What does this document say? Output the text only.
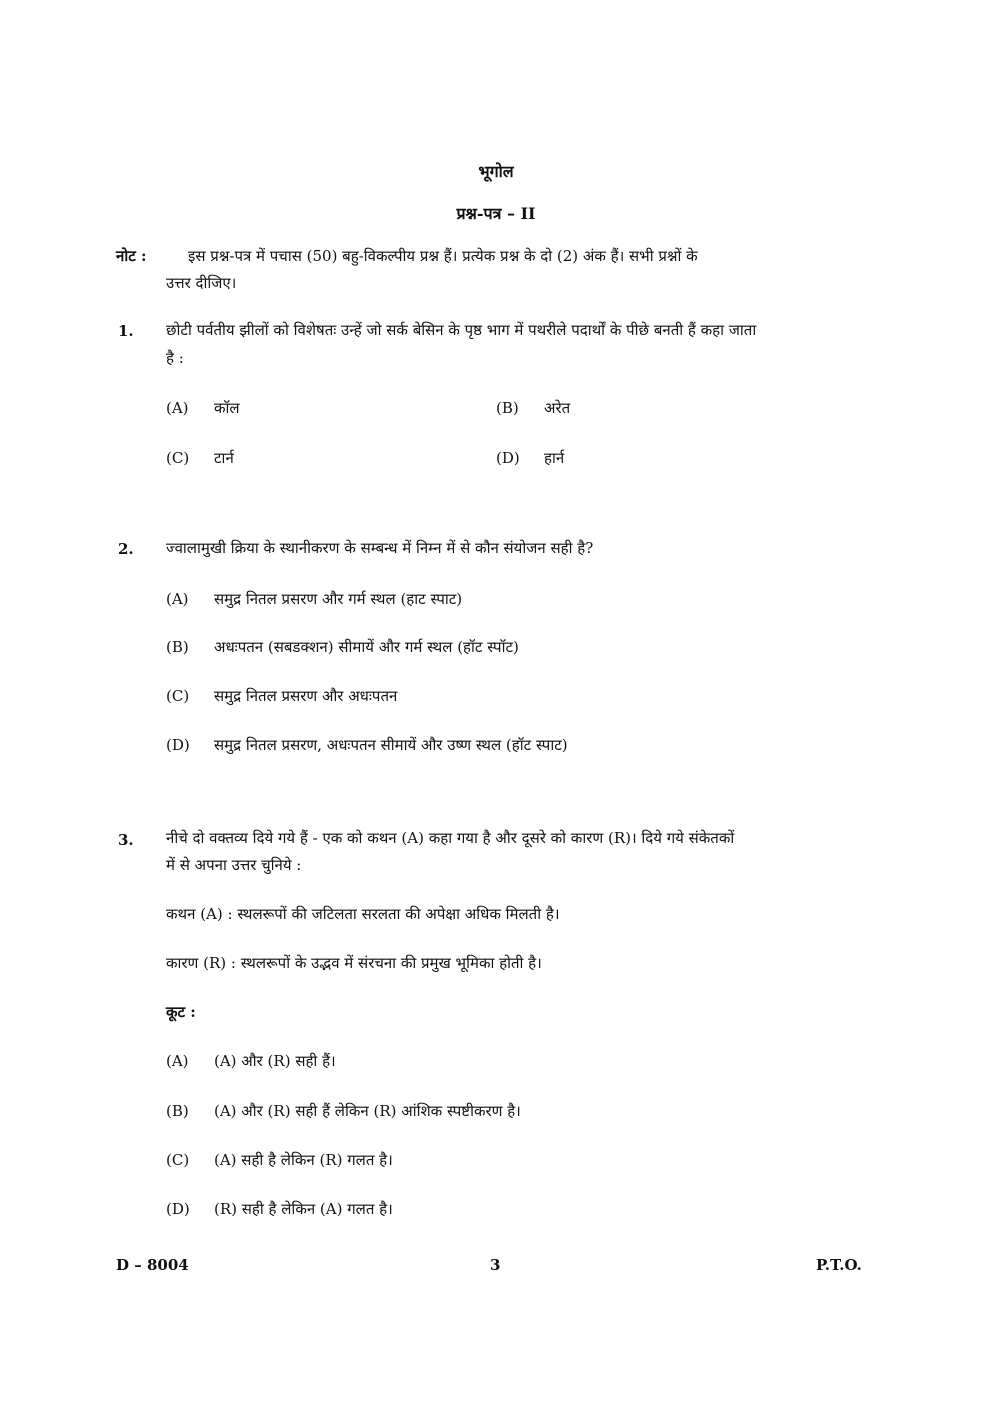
भूगोल
प्रश्न-पत्र – II
नोट :	इस प्रश्न-पत्र में पचास (50) बहु-विकल्पीय प्रश्न हैं। प्रत्येक प्रश्न के दो (2) अंक हैं। सभी प्रश्नों के
उत्तर दीजिए।
1. छोटी पर्वतीय झीलों को विशेषतः उन्हें जो सर्क बेसिन के पृष्ठ भाग में पथरीले पदार्थों के पीछे बनती हैं कहा जाता
है :
(A) कॉल	(B) अरेत
(C) टार्न	(D) हार्न
2. ज्वालामुखी क्रिया के स्थानीकरण के सम्बन्ध में निम्न में से कौन संयोजन सही है?
(A) समुद्र नितल प्रसरण और गर्म स्थल (हाट स्पाट)
(B) अधःपतन (सबडक्शन) सीमायें और गर्म स्थल (हॉट स्पॉट)
(C) समुद्र नितल प्रसरण और अधःपतन
(D) समुद्र नितल प्रसरण, अधःपतन सीमायें और उष्ण स्थल (हॉट स्पाट)
3. नीचे दो वक्तव्य दिये गये हैं - एक को कथन (A) कहा गया है और दूसरे को कारण (R)। दिये गये संकेतकों
में से अपना उत्तर चुनिये :
कथन (A) : स्थलरूपों की जटिलता सरलता की अपेक्षा अधिक मिलती है।
कारण (R) : स्थलरूपों के उद्भव में संरचना की प्रमुख भूमिका होती है।
कूट :
(A) (A) और (R) सही हैं।
(B) (A) और (R) सही हैं लेकिन (R) आंशिक स्पष्टीकरण है।
(C) (A) सही है लेकिन (R) गलत है।
(D) (R) सही है लेकिन (A) गलत है।
D – 8004	3	P.T.O.
